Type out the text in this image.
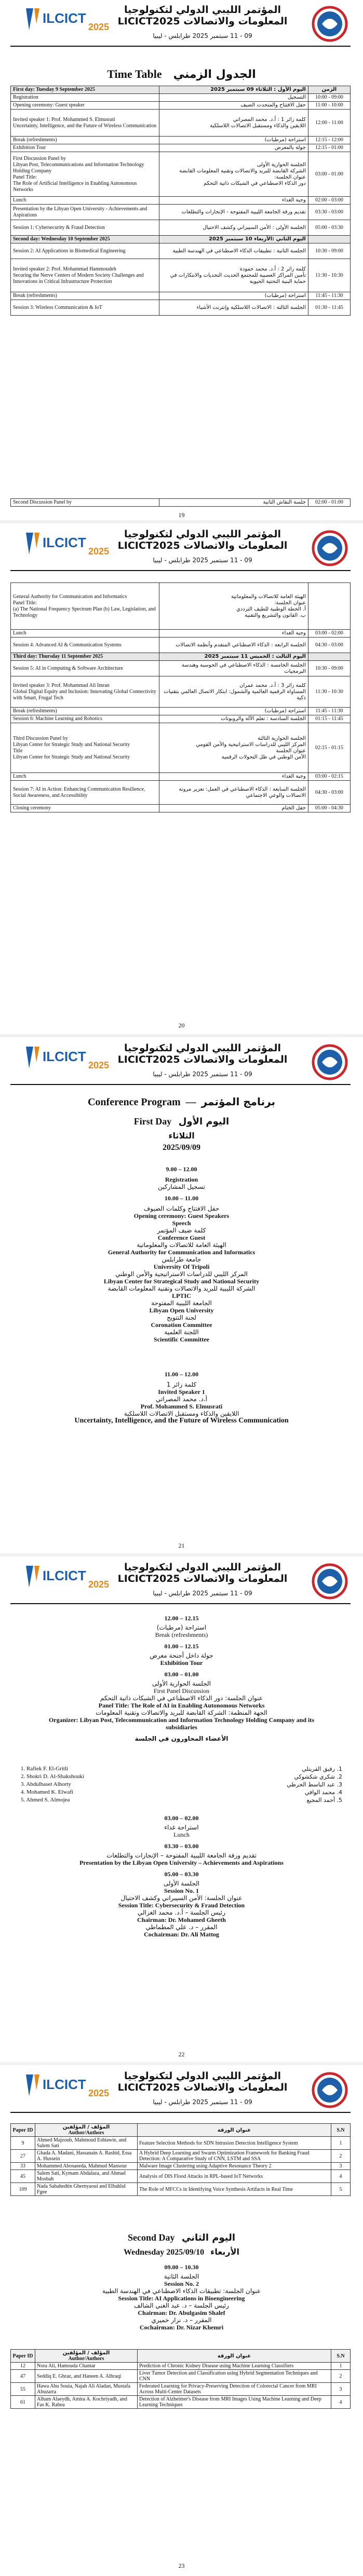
ILCICT
2025
المؤتمر الليبي الدولي لتكنولوجيا المعلومات والاتصالات LICICT2025
09 - 11 سبتمبر 2025 طرابلس - ليبيا
Time Table الجدول الزمني
First day: Tuesday 9 September 2025	اليوم الأول : الثلاثاء 09 سبتمبر 2025	الزمن
Registration	التسجيل	10:00 - 09:00
Opening ceremony: Guest speaker	حفل الافتتاح والمتحدث الضيف	11:00 - 10:00
Invited speaker 1: Prof. Mohammed S. Elmusrati
Uncertainty, Intelligence, and the Future of Wireless Communication	كلمة زائر 1 : أ.د. محمد المصراتي
اللايقين والذكاء ومستقبل الاتصالات اللاسلكية	12:00 - 11:00
Break (refreshments)	استراحة (مرطبات)	12:15 - 12:00
Exhibition Tour	جولة بالمعرض	12:15 - 01:00
First Discussion Panel by
Libyan Post, Telecommunications and Information Technology Holding Company
Panel Title:
The Role of Artificial Intelligence in Enabling Autonomous Networks	الجلسة الحوارية الأولى
الشركة القابضة للبريد والاتصالات وتقنية المعلومات القابضة
عنوان الجلسة:
دور الذكاء الاصطناعي في الشبكات ذاتية التحكم	03:00 - 01:00
Lunch	وجبة الغداء	02:00 - 03:00
Presentation by the Libyan Open University - Achievements and Aspirations	تقديم ورقة الجامعة الليبية المفتوحة - الإنجازات والتطلعات	03:30 - 03:00
Session 1: Cybersecurity & Fraud Detection	الجلسة الأولى : الأمن السيبراني وكشف الاحتيال	05:00 - 03:30
Second day: Wednesday 10 September 2025	اليوم الثاني :الأربعاء 10 سبتمبر 2025	
Session 2: AI Applications in Biomedical Engineering	الجلسة الثانية : تطبيقات الذكاء الاصطناعي في الهندسة الطبية	10:30 - 09:00
Invited speaker 2: Prof. Mohammad Hammoudeh
Securing the Nerve Centers of Modern Society Challenges and Innovations in Critical Infrastructure Protection	كلمة زائر 2 : أ.د. محمد حمودة
تأمين المراكز العصبية للمجتمع الحديث التحديات والابتكارات في حماية البنية التحتية الحيوية	11:30 - 10:30
Break (refreshments)	استراحة (مرطبات)	11:45 - 11:30
Session 3: Wireless Communication & IoT	الجلسة الثالثة : الاتصالات اللاسلكية وإنترنت الأشياء	01:30 - 11:45
Second Discussion Panel by	جلسة النقاش الثانية	02:00 - 01:00
19
ILCICT
2025
المؤتمر الليبي الدولي لتكنولوجيا المعلومات والاتصالات LICICT2025
09 - 11 سبتمبر 2025 طرابلس - ليبيا
General Authority for Communication and Informatics
Panel Title:
(a) The National Frequency Spectrum Plan (b) Law, Legislation, and Technology	الهيئة العامة للاتصالات والمعلوماتية
عنوان الجلسة:
أ. الخطة الوطنية للطيف الترددي
ب. القانون والتشريع والتقنية	
Lunch	وجبة الغداء	03:00 - 02:00
Session 4: Advanced AI & Communication Systems	الجلسة الرابعة : الذكاء الاصطناعي المتقدم وأنظمة الاتصالات	04:30 - 03:00
Third day: Thursday 11 September 2025	اليوم الثالث : الخميس 11 سبتمبر 2025	
Session 5: AI in Computing & Software Architecture	الجلسة الخامسة : الذكاء الاصطناعي في الحوسبة وهندسة البرمجيات	10:30 - 09:00
Invited speaker 3: Prof. Mohammad Ali Imran
Global Digital Equity and Inclusion: Innovating Global Connectivity with Smart, Frugal Tech	كلمة زائر 3 : أ.د. محمد عمران
المساواة الرقمية العالمية والشمول: ابتكار الاتصال العالمي بتقنيات ذكية	11:30 - 10:30
Break (refreshments)	استراحة (مرطبات)	11:45 - 11:30
Session 6: Machine Learning and Robotics	الجلسة السادسة : تعلم الآلة والروبوتات	01:15 - 11:45
Third Discussion Panel by
Libyan Center for Strategic Study and National Security
Title
Libyan Center for Strategic Study and National Security	الجلسة الحوارية الثالثة
المركز الليبي للدراسات الاستراتيجية والأمن القومي
عنوان الجلسة
الأمن الوطني في ظل التحولات الرقمية	02:15 - 01:15
Lunch	وجبة الغداء	03:00 - 02:15
Session 7: AI in Action: Enhancing Communication Resilience, Social Awareness, and Accessibility	الجلسة السابعة : الذكاء الاصطناعي في العمل: تعزيز مرونة الاتصالات والوعي الاجتماعي	04:30 - 03:00
Closing ceremony	حفل الختام	05:00 - 04:30
20
ILCICT
2025
المؤتمر الليبي الدولي لتكنولوجيا المعلومات والاتصالات LICICT2025
09 - 11 سبتمبر 2025 طرابلس - ليبيا
Conference Program  —  برنامج المؤتمر
First Day اليوم الأول
الثلاثاء
2025/09/09
9.00 – 12.00
Registration
تسجيل المشاركين
10.00 – 11.00
حفل الافتتاح وكلمات الضيوف
Opening ceremony: Guest Speakers
Speech
كلمة ضيف المؤتمر
Conference Guest
الهيئة العامة للاتصالات والمعلوماتية
General Authority for Communication and Informatics
جامعة طرابلس
University Of Tripoli
المركز الليبي للدراسات الاستراتيجية والأمن الوطني
Libyan Center for Strategical Study and National Security
الشركة الليبية للبريد والاتصالات وتقنية المعلومات القابضة
LPTIC
الجامعة الليبية المفتوحة
Libyan Open University
لجنة التتويج
Coronation Committee
اللجنة العلمية
Scientific Committee
11.00 – 12.00
كلمة زائر 1
Invited Speaker 1
أ.د. محمد المصراتي
Prof. Mohammed S. Elmusrati
اللايقين والذكاء ومستقبل الاتصالات اللاسلكية
Uncertainty, Intelligence, and the Future of Wireless Communication
21
ILCICT
2025
المؤتمر الليبي الدولي لتكنولوجيا المعلومات والاتصالات LICICT2025
09 - 11 سبتمبر 2025 طرابلس - ليبيا
12.00 – 12.15
استراحة (مرطبات)
Break (refreshments)
01.00 – 12.15
جولة داخل أجنحة معرض
Exhibition Tour
03.00 – 01.00
الجلسة الحوارية الأولى
First Panel Discussion
عنوان الجلسة: دور الذكاء الاصطناعي في الشبكات ذاتية التحكم
Panel Title: The Role of AI in Enabling Autonomous Networks
الجهة المنظمة: الشركة القابضة للبريد والاتصالات وتقنية المعلومات
Organizer: Libyan Post, Telecommunication and Information Technology Holding Company and its subsidiaries
الأعضاء المحاورون في الجلسة
1. Rafiek F. El-Gritli
2. Shokri D. Al-Shakshouki
3. Abdulbaset Alhorty
4. Mohamed K. Elwafi
5. Ahmed S. Almojea
1. رفيق القريتلي
2. شكري شكشوكي
3. عبد الباسط الحرطي
4. محمد الوافي
5. أحمد المجيع
03.00 – 02.00
استراحة غداء
Lunch
03.30 – 03.00
تقديم ورقة الجامعة الليبية المفتوحة – الإنجازات والتطلعات
Presentation by the Libyan Open University – Achievements and Aspirations
05.00 – 03.30
الجلسة الأولى
Session No. 1
عنوان الجلسة: الأمن السيبراني وكشف الاحتيال
Session Title: Cybersecurity & Fraud Detection
رئيس الجلسة – أ.د. محمد الغزالي
Chairman: Dr. Mohamed Gheeth
المقرر – د. علي المطماطي
Cochairman: Dr. Ali Mattog
22
ILCICT
2025
المؤتمر الليبي الدولي لتكنولوجيا المعلومات والاتصالات LICICT2025
09 - 11 سبتمبر 2025 طرابلس - ليبيا
Paper ID	المؤلف / المؤلفين
Author/Authors	عنوان الورقة	S.N
9	Ahmed Majzoub, Mahmoud Eshtawie, and Salem Sati	Feature Selection Methods for SDN Intrusion Detection Intelligence System	1
27	Ghada A. Madani, Hassanain A. Rashid, Essa A. Hussein	A Hybrid Deep Learning and Swarm Optimization Framework for Banking Fraud Detection: A Comparative Study of CNN, LSTM and SSA	2
33	Mohammed Abosaeeda, Mahmud Mansour	Malware Image Clustering using Adaptive Resonance Theory 2	3
45	Salem Sati, Kymam Abdalaza, and Ahmad Mosbah	Analysis of DIS Flood Attacks in RPL-based IoT Networks	4
109	Nada Sabahedtin Ghernyaoui and Elbahlul Fgee	The Role of MFCCs in Identifying Voice Synthesis Artifacts in Real Time	5
Second Day اليوم الثاني
Wednesday 2025/09/10 الأربعاء
09.00 – 10.30
الجلسة الثانية
Session No. 2
عنوان الجلسة: تطبيقات الذكاء الاصطناعي في الهندسة الطبية
Session Title: AI Applications in Bioengineering
رئيس الجلسة – د. عبد الغني الشالف
Chairman: Dr. Abulgasim Shalef
المقرر – د. نزار خميري
Cochairman: Dr. Nizar Khemri
Paper ID	المؤلف / المؤلفين
Author/Authors	عنوان الورقة	S.N
12	Nora Ali, Hamouda Chantar	Prediction of Chronic Kidney Disease using Machine Learning Classifiers	1
47	Seddiq E. Ghraz, and Haneen A. Alhraqi	Liver Tumor Detection and Classification using Hybrid Segmentation Techniques and CNN	2
55	Hawa Abu Souia, Najah Ali Aladan, Mustafa Abuzarra	Federated Learning for Privacy-Preserving Detection of Colorectal Cancer from MRI Across Multi-Center Datasets	3
61	Alham Alaeydh, Amira A. Kochriyadh, and Fas K. Rabea	Detection of Alzheimer's Disease from MRI Images Using Machine Learning and Deep Learning Techniques	4
23
